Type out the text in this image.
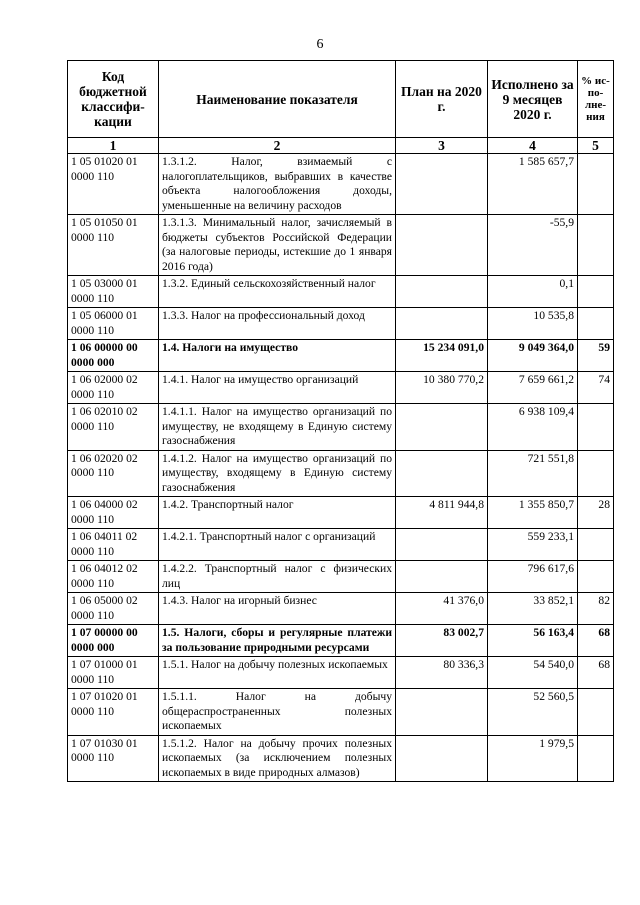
6
Код бюджетной классифи-кации	Наименование показателя	План на 2020 г.	Исполнено за 9 месяцев 2020 г.	% ис-по-лне-ния
1	2	3	4	5
1 05 01020 01 0000 110	1.3.1.2. Налог, взимаемый с налогоплательщиков, выбравших в качестве объекта налогообложения доходы, уменьшенные на величину расходов		1 585 657,7	
1 05 01050 01 0000 110	1.3.1.3. Минимальный налог, зачисляемый в бюджеты субъектов Российской Федерации (за налоговые периоды, истекшие до 1 января 2016 года)		-55,9	
1 05 03000 01 0000 110	1.3.2. Единый сельскохозяйственный налог		0,1	
1 05 06000 01 0000 110	1.3.3. Налог на профессиональный доход		10 535,8	
1 06 00000 00 0000 000	1.4. Налоги на имущество	15 234 091,0	9 049 364,0	59
1 06 02000 02 0000 110	1.4.1. Налог на имущество организаций	10 380 770,2	7 659 661,2	74
1 06 02010 02 0000 110	1.4.1.1. Налог на имущество организаций по имуществу, не входящему в Единую систему газоснабжения		6 938 109,4	
1 06 02020 02 0000 110	1.4.1.2. Налог на имущество организаций по имуществу, входящему в Единую систему газоснабжения		721 551,8	
1 06 04000 02 0000 110	1.4.2. Транспортный налог	4 811 944,8	1 355 850,7	28
1 06 04011 02 0000 110	1.4.2.1. Транспортный налог с организаций		559 233,1	
1 06 04012 02 0000 110	1.4.2.2. Транспортный налог с физических лиц		796 617,6	
1 06 05000 02 0000 110	1.4.3. Налог на игорный бизнес	41 376,0	33 852,1	82
1 07 00000 00 0000 000	1.5. Налоги, сборы и регулярные платежи за пользование природными ресурсами	83 002,7	56 163,4	68
1 07 01000 01 0000 110	1.5.1. Налог на добычу полезных ископаемых	80 336,3	54 540,0	68
1 07 01020 01 0000 110	1.5.1.1. Налог на добычу общераспространенных полезных ископаемых		52 560,5	
1 07 01030 01 0000 110	1.5.1.2. Налог на добычу прочих полезных ископаемых (за исключением полезных ископаемых в виде природных алмазов)		1 979,5	
